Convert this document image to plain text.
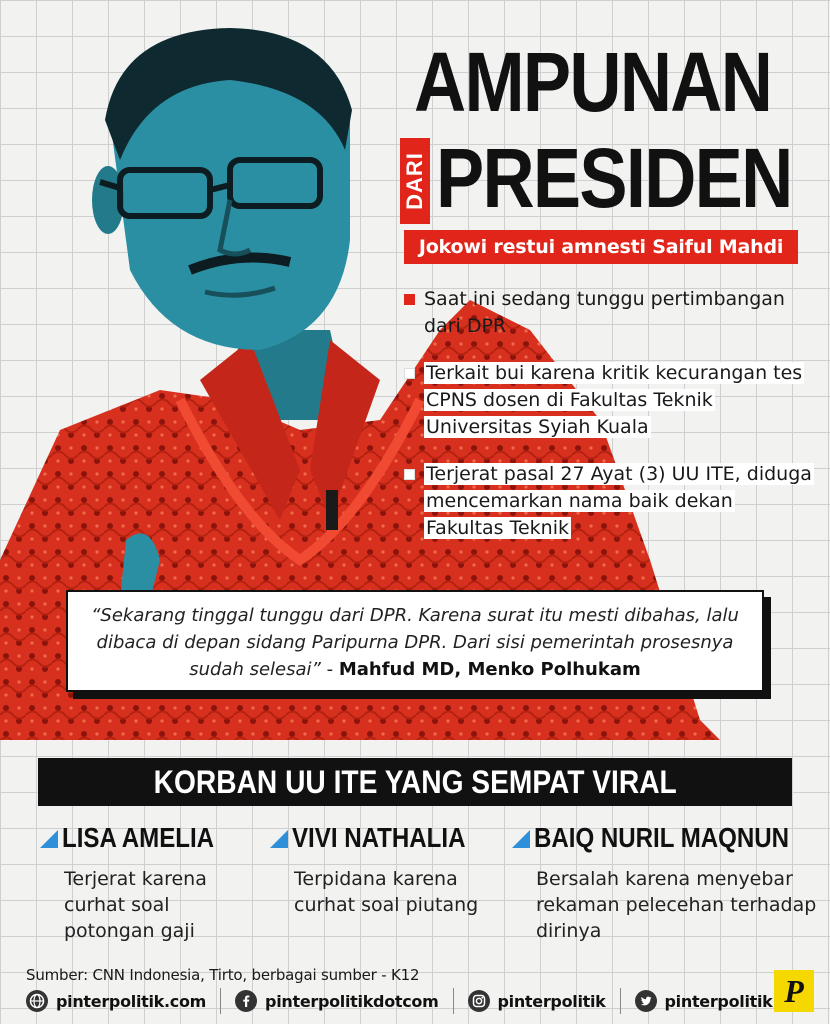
AMPUNAN
DARI PRESIDEN
Jokowi restui amnesti Saiful Mahdi
Saat ini sedang tunggu pertimbangan dari DPR
Terkait bui karena kritik kecurangan tes CPNS dosen di Fakultas Teknik Universitas Syiah Kuala
Terjerat pasal 27 Ayat (3) UU ITE, diduga mencemarkan nama baik dekan Fakultas Teknik

“Sekarang tinggal tunggu dari DPR. Karena surat itu mesti dibahas, lalu dibaca di depan sidang Paripurna DPR. Dari sisi pemerintah prosesnya sudah selesai” - Mahfud MD, Menko Polhukam

KORBAN UU ITE YANG SEMPAT VIRAL
LISA AMELIA
Terjerat karena curhat soal potongan gaji
VIVI NATHALIA
Terpidana karena curhat soal piutang
BAIQ NURIL MAQNUN
Bersalah karena menyebar rekaman pelecehan terhadap dirinya
Sumber: CNN Indonesia, Tirto, berbagai sumber - K12
pinterpolitik.com	pinterpolitikdotcom	pinterpolitik	pinterpolitik P
